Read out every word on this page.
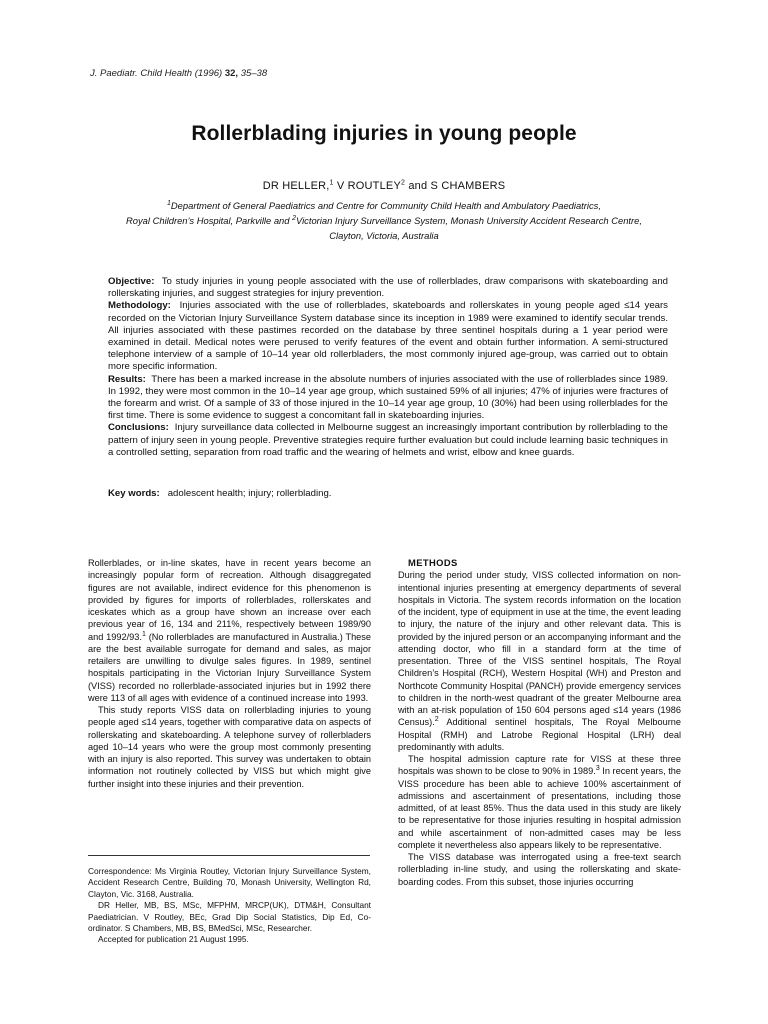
J. Paediatr. Child Health (1996) 32, 35–38
Rollerblading injuries in young people
DR HELLER,$^1$ V ROUTLEY$^2$ and S CHAMBERS
$^1$Department of General Paediatrics and Centre for Community Child Health and Ambulatory Paediatrics,
Royal Children’s Hospital, Parkville and $^2$Victorian Injury Surveillance System, Monash University Accident Research Centre,
Clayton, Victoria, Australia

Objective: To study injuries in young people associated with the use of rollerblades, draw comparisons with skateboarding and rollerskating injuries, and suggest strategies for injury prevention.

Methodology: Injuries associated with the use of rollerblades, skateboards and rollerskates in young people aged ≤14 years recorded on the Victorian Injury Surveillance System database since its inception in 1989 were examined to identify secular trends. All injuries associated with these pastimes recorded on the database by three sentinel hospitals during a 1 year period were examined in detail. Medical notes were perused to verify features of the event and obtain further information. A semi-structured telephone interview of a sample of 10–14 year old rollerbladers, the most commonly injured age-group, was carried out to obtain more specific information.

Results: There has been a marked increase in the absolute numbers of injuries associated with the use of rollerblades since 1989. In 1992, they were most common in the 10–14 year age group, which sustained 59% of all injuries; 47% of injuries were fractures of the forearm and wrist. Of a sample of 33 of those injured in the 10–14 year age group, 10 (30%) had been using rollerblades for the first time. There is some evidence to suggest a concomitant fall in skateboarding injuries.

Conclusions: Injury surveillance data collected in Melbourne suggest an increasingly important contribution by rollerblading to the pattern of injury seen in young people. Preventive strategies require further evaluation but could include learning basic techniques in a controlled setting, separation from road traffic and the wearing of helmets and wrist, elbow and knee guards.

Key words: adolescent health; injury; rollerblading.

Rollerblades, or in-line skates, have in recent years become an increasingly popular form of recreation. Although disaggregated figures are not available, indirect evidence for this phenomenon is provided by figures for imports of rollerblades, rollerskates and iceskates which as a group have shown an increase over each previous year of 16, 134 and 211%, respectively between 1989/90 and 1992/93.$^1$ (No rollerblades are manufactured in Australia.) These are the best available surrogate for demand and sales, as major retailers are unwilling to divulge sales figures. In 1989, sentinel hospitals participating in the Victorian Injury Surveillance System (VISS) recorded no rollerblade-associated injuries but in 1992 there were 113 of all ages with evidence of a continued increase into 1993.

This study reports VISS data on rollerblading injuries to young people aged ≤14 years, together with comparative data on aspects of rollerskating and skateboarding. A telephone survey of rollerbladers aged 10–14 years who were the group most commonly presenting with an injury is also reported. This survey was undertaken to obtain information not routinely collected by VISS but which might give further insight into these injuries and their prevention.

Correspondence: Ms Virginia Routley, Victorian Injury Surveillance System, Accident Research Centre, Building 70, Monash University, Wellington Rd, Clayton, Vic. 3168, Australia.

DR Heller, MB, BS, MSc, MFPHM, MRCP(UK), DTM&H, Consultant Paediatrician. V Routley, BEc, Grad Dip Social Statistics, Dip Ed, Co-ordinator. S Chambers, MB, BS, BMedSci, MSc, Researcher.

Accepted for publication 21 August 1995.

METHODS

During the period under study, VISS collected information on non-intentional injuries presenting at emergency departments of several hospitals in Victoria. The system records information on the location of the incident, type of equipment in use at the time, the event leading to injury, the nature of the injury and other relevant data. This is provided by the injured person or an accompanying informant and the attending doctor, who fill in a standard form at the time of presentation. Three of the VISS sentinel hospitals, The Royal Children’s Hospital (RCH), Western Hospital (WH) and Preston and Northcote Community Hospital (PANCH) provide emergency services to children in the north-west quadrant of the greater Melbourne area with an at-risk population of 150 604 persons aged ≤14 years (1986 Census).$^2$ Additional sentinel hospitals, The Royal Melbourne Hospital (RMH) and Latrobe Regional Hospital (LRH) deal predominantly with adults.

The hospital admission capture rate for VISS at these three hospitals was shown to be close to 90% in 1989.$^3$ In recent years, the VISS procedure has been able to achieve 100% ascertainment of admissions and ascertainment of presentations, including those admitted, of at least 85%. Thus the data used in this study are likely to be representative for those injuries resulting in hospital admission and while ascertainment of non-admitted cases may be less complete it nevertheless also appears likely to be representative.

The VISS database was interrogated using a free-text search rollerblading in-line study, and using the rollerskating and skate-boarding codes. From this subset, those injuries occurring
